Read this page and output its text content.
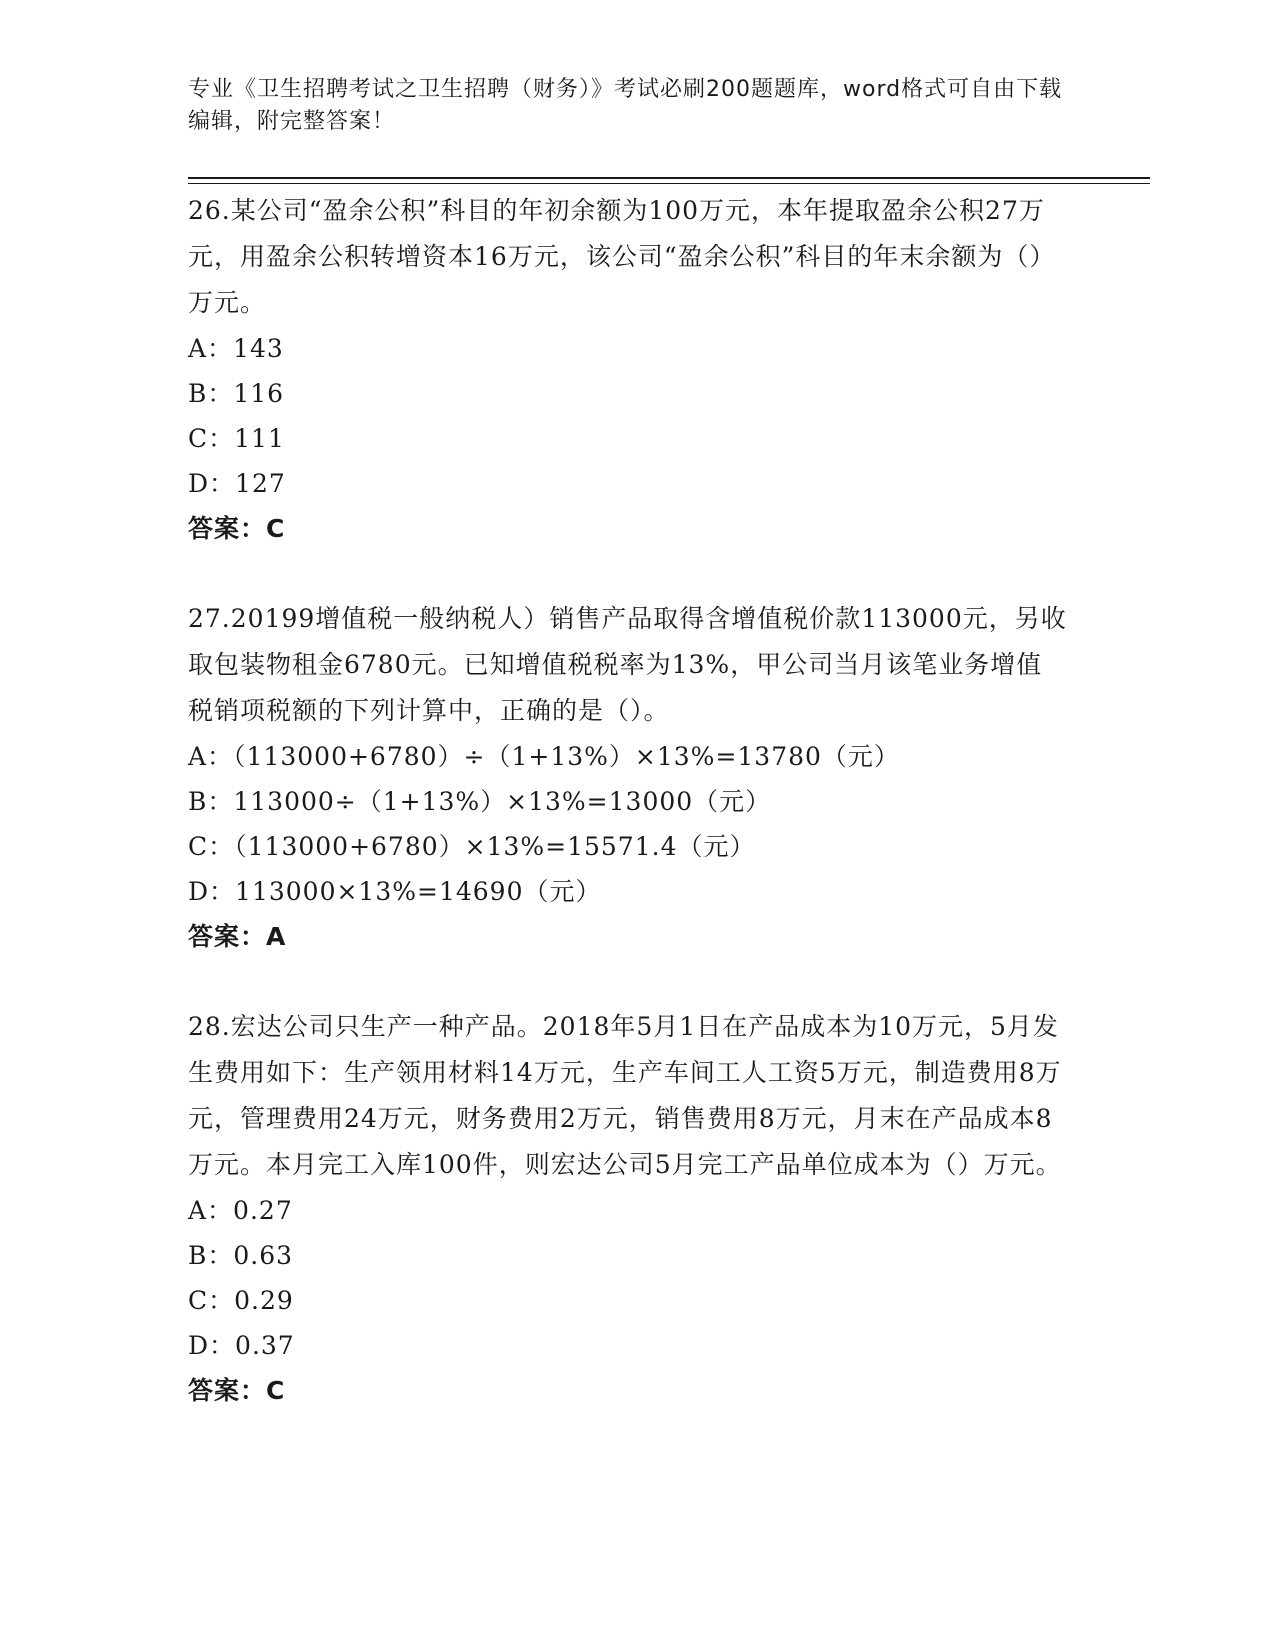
专业《卫生招聘考试之卫生招聘（财务）》考试必刷200题题库，word格式可自由下载编辑，附完整答案！

26.某公司“盈余公积”科目的年初余额为100万元，本年提取盈余公积27万元，用盈余公积转增资本16万元，该公司“盈余公积”科目的年末余额为（）万元。

A：143

B：116

C：111

D：127

答案：C

27.20199增值税一般纳税人）销售产品取得含增值税价款113000元，另收取包装物租金6780元。已知增值税税率为13%，甲公司当月该笔业务增值税销项税额的下列计算中，正确的是（）。

A：（113000+6780）÷（1+13%）×13%=13780（元）

B：113000÷（1+13%）×13%=13000（元）

C：（113000+6780）×13%=15571.4（元）

D：113000×13%=14690（元）

答案：A

28.宏达公司只生产一种产品。2018年5月1日在产品成本为10万元，5月发生费用如下：生产领用材料14万元，生产车间工人工资5万元，制造费用8万元，管理费用24万元，财务费用2万元，销售费用8万元，月末在产品成本8万元。本月完工入库100件，则宏达公司5月完工产品单位成本为（）万元。

A：0.27

B：0.63

C：0.29

D：0.37

答案：C
